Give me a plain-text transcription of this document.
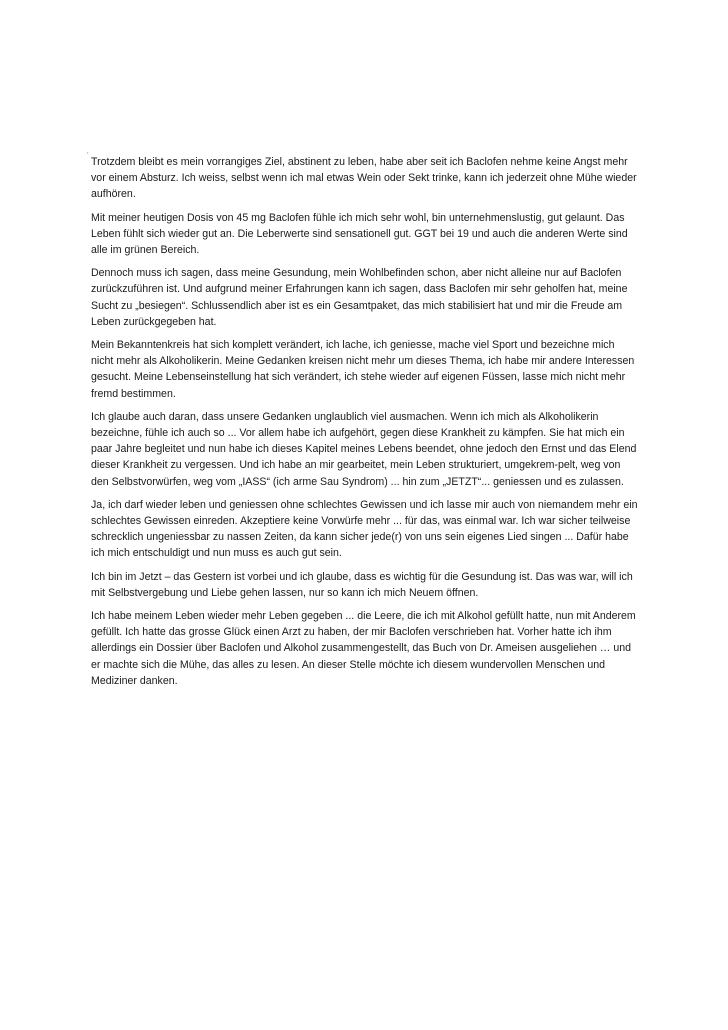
'

Trotzdem bleibt es mein vorrangiges Ziel, abstinent zu leben, habe aber seit ich Baclofen nehme keine Angst mehr vor einem Absturz. Ich weiss, selbst wenn ich mal etwas Wein oder Sekt trinke, kann ich jederzeit ohne Mühe wieder aufhören.

Mit meiner heutigen Dosis von 45 mg Baclofen fühle ich mich sehr wohl, bin unternehmenslustig, gut gelaunt. Das Leben fühlt sich wieder gut an. Die Leberwerte sind sensationell gut. GGT bei 19 und auch die anderen Werte sind alle im grünen Bereich.

Dennoch muss ich sagen, dass meine Gesundung, mein Wohlbefinden schon, aber nicht alleine nur auf Baclofen zurückzuführen ist. Und aufgrund meiner Erfahrungen kann ich sagen, dass Baclofen mir sehr geholfen hat, meine Sucht zu „besiegen“. Schlussendlich aber ist es ein Gesamtpaket, das mich stabilisiert hat und mir die Freude am Leben zurückgegeben hat.

Mein Bekanntenkreis hat sich komplett verändert, ich lache, ich geniesse, mache viel Sport und bezeichne mich nicht mehr als Alkoholikerin. Meine Gedanken kreisen nicht mehr um dieses Thema, ich habe mir andere Interessen gesucht. Meine Lebenseinstellung hat sich verändert, ich stehe wieder auf eigenen Füssen, lasse mich nicht mehr fremd bestimmen.

Ich glaube auch daran, dass unsere Gedanken unglaublich viel ausmachen. Wenn ich mich als Alkoholikerin bezeichne, fühle ich auch so ... Vor allem habe ich aufgehört, gegen diese Krankheit zu kämpfen. Sie hat mich ein paar Jahre begleitet und nun habe ich dieses Kapitel meines Lebens beendet, ohne jedoch den Ernst und das Elend dieser Krankheit zu vergessen. Und ich habe an mir gearbeitet, mein Leben strukturiert, umgekrem-pelt, weg von den Selbstvorwürfen, weg vom „IASS“ (ich arme Sau Syndrom) ... hin zum „JETZT“... geniessen und es zulassen.

Ja, ich darf wieder leben und geniessen ohne schlechtes Gewissen und ich lasse mir auch von niemandem mehr ein schlechtes Gewissen einreden. Akzeptiere keine Vorwürfe mehr ... für das, was einmal war. Ich war sicher teilweise schrecklich ungeniessbar zu nassen Zeiten, da kann sicher jede(r) von uns sein eigenes Lied singen ... Dafür habe ich mich entschuldigt und nun muss es auch gut sein.

Ich bin im Jetzt – das Gestern ist vorbei und ich glaube, dass es wichtig für die Gesundung ist. Das was war, will ich mit Selbstvergebung und Liebe gehen lassen, nur so kann ich mich Neuem öffnen.

Ich habe meinem Leben wieder mehr Leben gegeben ... die Leere, die ich mit Alkohol gefüllt hatte, nun mit Anderem gefüllt. Ich hatte das grosse Glück einen Arzt zu haben, der mir Baclofen verschrieben hat. Vorher hatte ich ihm allerdings ein Dossier über Baclofen und Alkohol zusammengestellt, das Buch von Dr. Ameisen ausgeliehen … und er machte sich die Mühe, das alles zu lesen. An dieser Stelle möchte ich diesem wundervollen Menschen und Mediziner danken.
